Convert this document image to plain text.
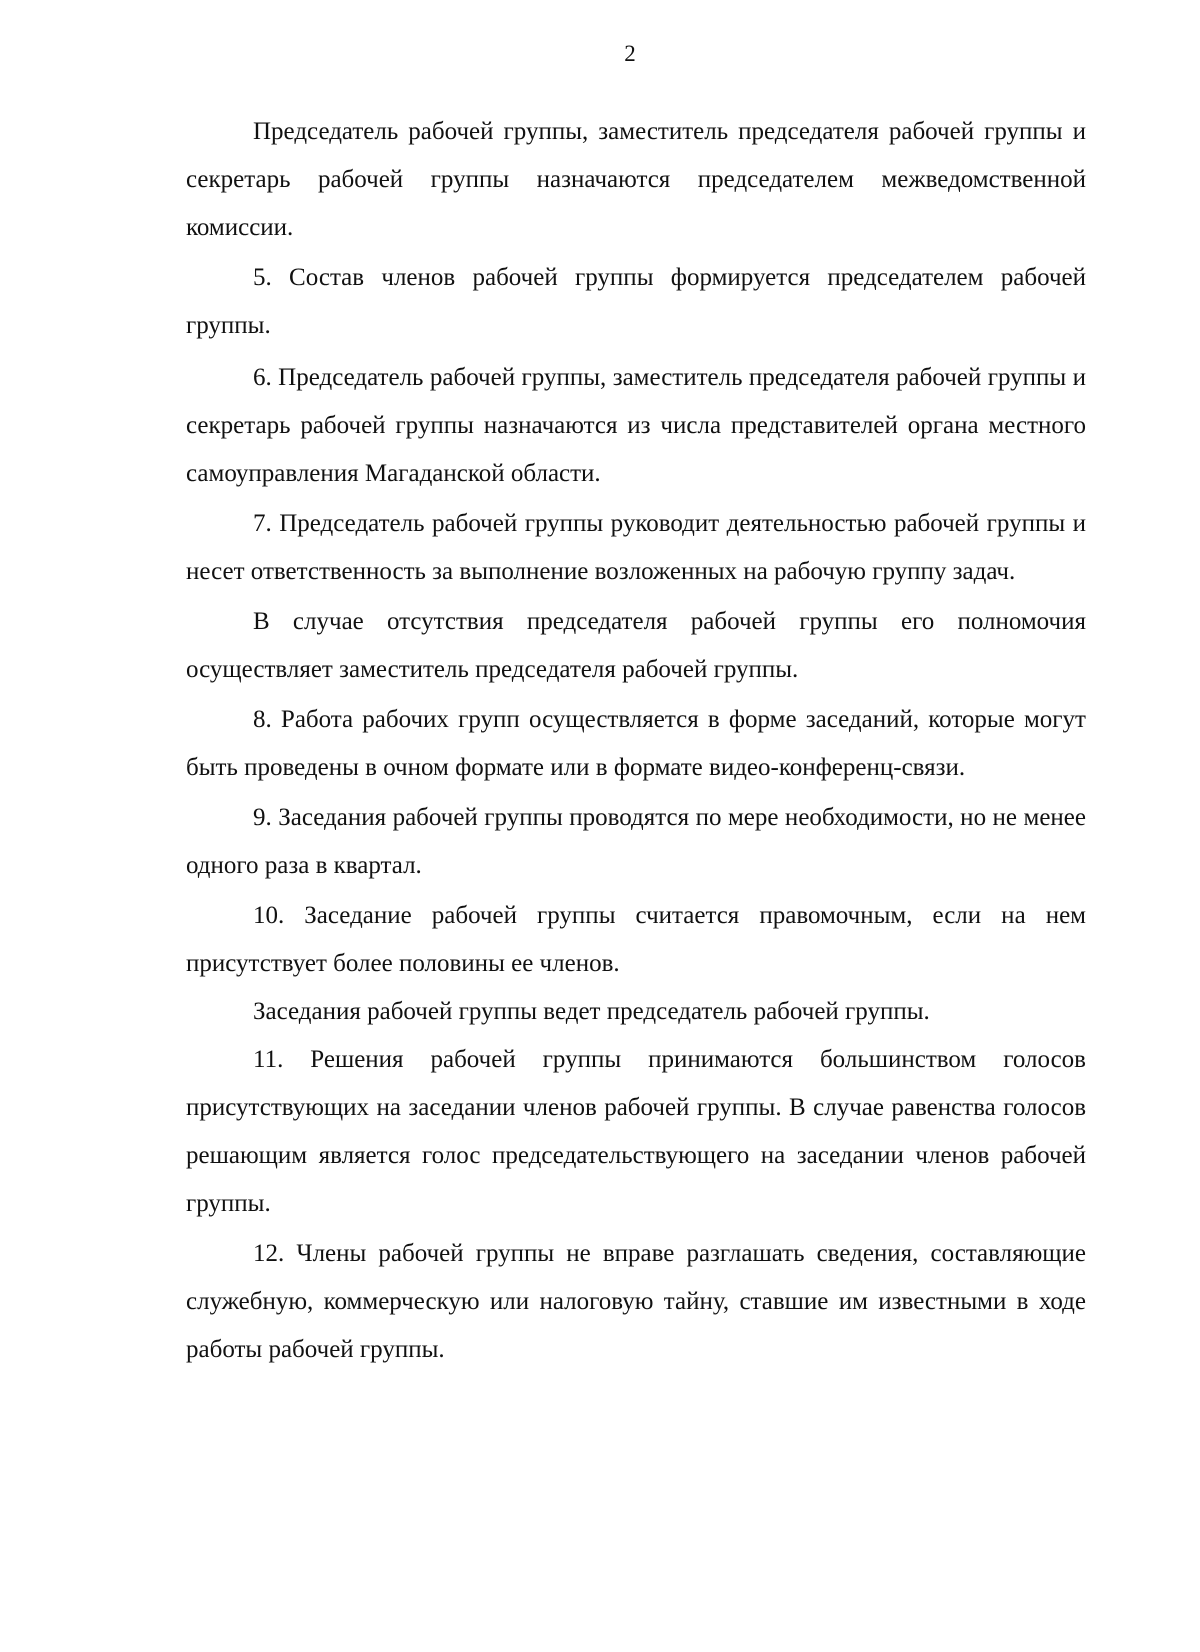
2

Председатель рабочей группы, заместитель председателя рабочей группы и секретарь рабочей группы назначаются председателем межведомственной комиссии.

5. Состав членов рабочей группы формируется председателем рабочей группы.

6. Председатель рабочей группы, заместитель председателя рабочей группы и секретарь рабочей группы назначаются из числа представителей органа местного самоуправления Магаданской области.

7. Председатель рабочей группы руководит деятельностью рабочей группы и несет ответственность за выполнение возложенных на рабочую группу задач.

В случае отсутствия председателя рабочей группы его полномочия осуществляет заместитель председателя рабочей группы.

8. Работа рабочих групп осуществляется в форме заседаний, которые могут быть проведены в очном формате или в формате видео-конференц-связи.

9. Заседания рабочей группы проводятся по мере необходимости, но не менее одного раза в квартал.

10. Заседание рабочей группы считается правомочным, если на нем присутствует более половины ее членов.

Заседания рабочей группы ведет председатель рабочей группы.

11. Решения рабочей группы принимаются большинством голосов присутствующих на заседании членов рабочей группы. В случае равенства голосов решающим является голос председательствующего на заседании членов рабочей группы.

12. Члены рабочей группы не вправе разглашать сведения, составляющие служебную, коммерческую или налоговую тайну, ставшие им известными в ходе работы рабочей группы.
